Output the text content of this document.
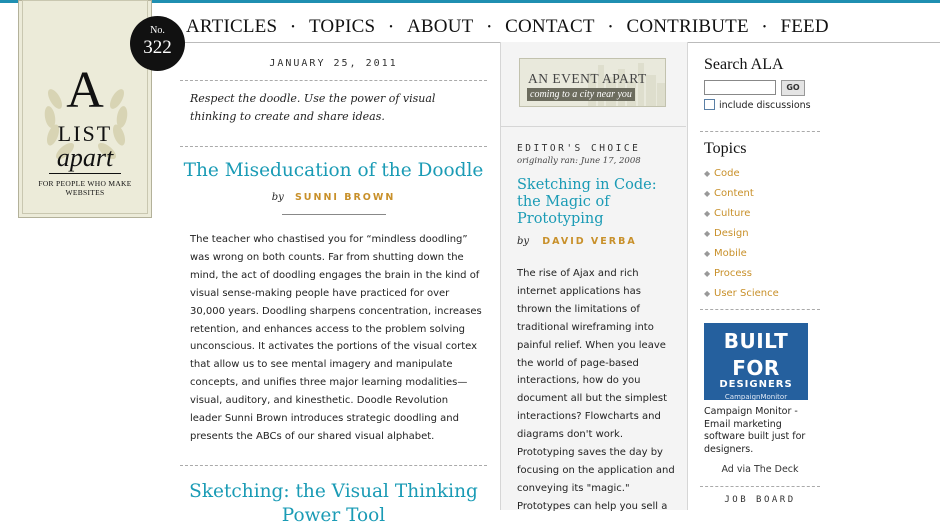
ARTICLES • TOPICS • ABOUT • CONTACT • CONTRIBUTE • FEED
A
LIST
apart
FOR PEOPLE WHO MAKE WEBSITES
No.
322
JANUARY 25, 2011
Respect the doodle. Use the power of visual thinking to create and share ideas.
The Miseducation of the Doodle
by SUNNI BROWN
The teacher who chastised you for “mindless doodling” was wrong on both counts. Far from shutting down the mind, the act of doodling engages the brain in the kind of visual sense-making people have practiced for over 30,000 years. Doodling sharpens concentration, increases retention, and enhances access to the problem solving unconscious. It activates the portions of the visual cortex that allow us to see mental imagery and manipulate concepts, and unifies three major learning modalities—visual, auditory, and kinesthetic. Doodle Revolution leader Sunni Brown introduces strategic doodling and presents the ABCs of our shared visual alphabet.
Sketching: the Visual Thinking Power Tool
AN EVENT APART
coming to a city near you
EDITOR'S CHOICE
originally ran: June 17, 2008
Sketching in Code: the Magic of Prototyping
by DAVID VERBA
The rise of Ajax and rich internet applications has thrown the limitations of traditional wireframing into painful relief. When you leave the world of page-based interactions, how do you document all but the simplest interactions? Flowcharts and diagrams don't work. Prototyping saves the day by focusing on the application and conveying its "magic." Prototypes can help you sell a
Search ALA
GO
include discussions
Topics
◆ Code
◆ Content
◆ Culture
◆ Design
◆ Mobile
◆ Process
◆ User Science
BUILT
FOR
DESIGNERS
CampaignMonitor
Campaign Monitor - Email marketing software built just for designers.
Ad via The Deck
JOB BOARD
